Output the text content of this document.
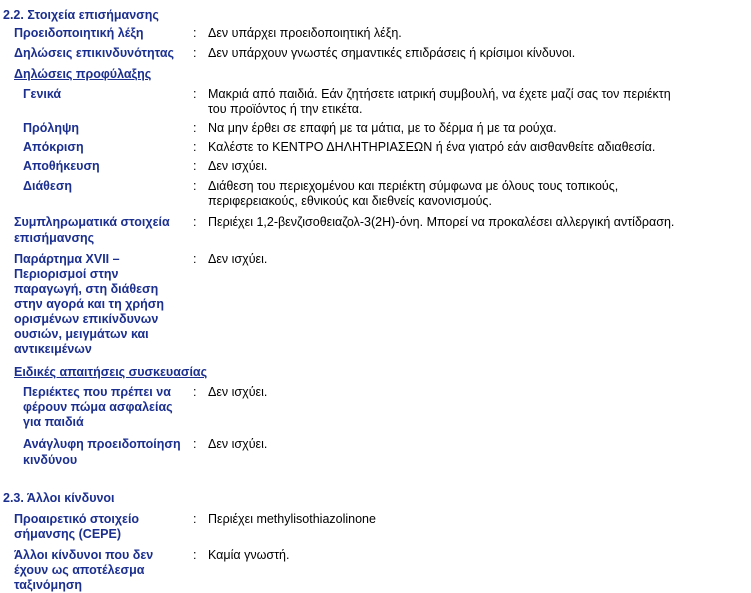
2.2. Στοιχεία επισήμανσης
Προειδοποιητική λέξη	: Δεν υπάρχει προειδοποιητική λέξη.
Δηλώσεις επικινδυνότητας : Δεν υπάρχουν γνωστές σημαντικές επιδράσεις ή κρίσιμοι κίνδυνοι.
Δηλώσεις προφύλαξης
Γενικά	: Μακριά από παιδιά. Εάν ζητήσετε ιατρική συμβουλή, να έχετε μαζί σας τον περιέκτη
του προϊόντος ή την ετικέτα.
Πρόληψη	: Να μην έρθει σε επαφή με τα μάτια, με το δέρμα ή με τα ρούχα.
Απόκριση	: Καλέστε το ΚΕΝΤΡΟ ΔΗΛΗΤΗΡΙΑΣΕΩΝ ή ένα γιατρό εάν αισθανθείτε αδιαθεσία.
Αποθήκευση	: Δεν ισχύει.
Διάθεση	: Διάθεση του περιεχομένου και περιέκτη σύμφωνα με όλους τους τοπικούς,
περιφερειακούς, εθνικούς και διεθνείς κανονισμούς.
Συμπληρωματικά στοιχεία
επισήμανσης
: Περιέχει 1,2-βενζισοθειαζολ-3(2Η)-όνη. Μπορεί να προκαλέσει αλλεργική αντίδραση.
Παράρτημα XVII –
Περιορισμοί στην
παραγωγή, στη διάθεση
στην αγορά και τη χρήση
ορισμένων επικίνδυνων
ουσιών, μειγμάτων και
αντικειμένων
: Δεν ισχύει.
Ειδικές απαιτήσεις συσκευασίας
Περιέκτες που πρέπει να
φέρουν πώμα ασφαλείας
για παιδιά
: Δεν ισχύει.
Ανάγλυφη προειδοποίηση
κινδύνου
: Δεν ισχύει.
2.3. Άλλοι κίνδυνοι
Προαιρετικό στοιχείο
σήμανσης (CEPE)
: Περιέχει methylisothiazolinone
Άλλοι κίνδυνοι που δεν
έχουν ως αποτέλεσμα
ταξινόμηση
: Καμία γνωστή.
